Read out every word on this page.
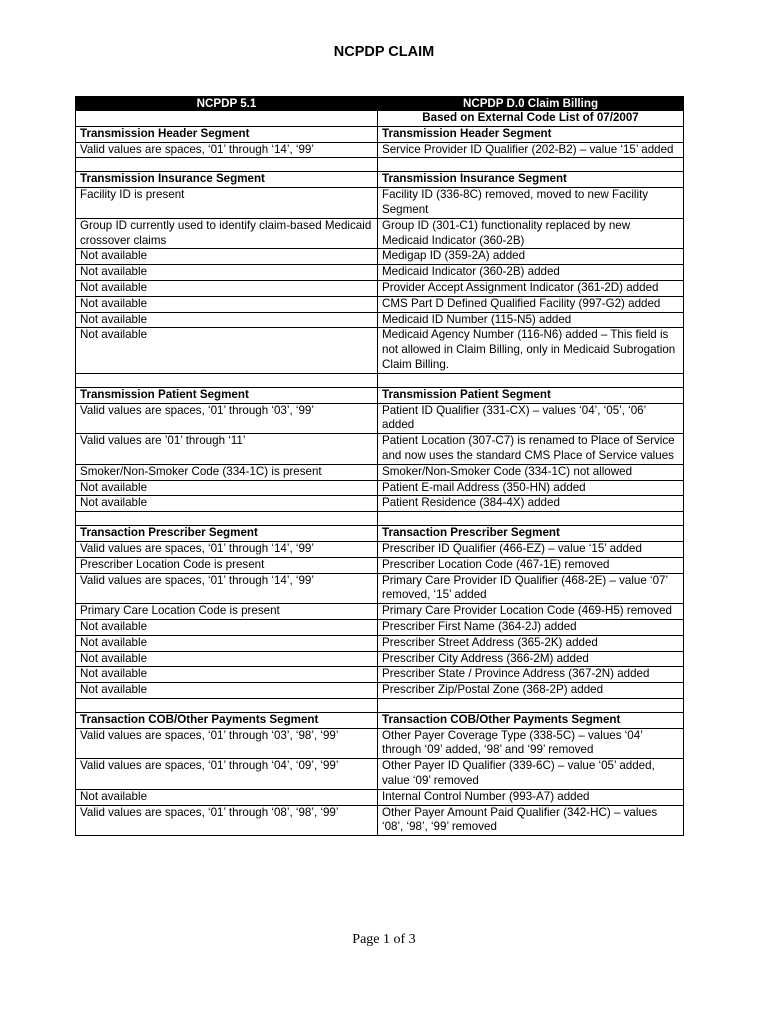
NCPDP CLAIM
NCPDP 5.1	NCPDP D.0 Claim Billing
	Based on External Code List of 07/2007
Transmission Header Segment	Transmission Header Segment
Valid values are spaces, ‘01’ through ‘14’, ‘99’	Service Provider ID Qualifier (202-B2) – value ‘15’ added

Transmission Insurance Segment	Transmission Insurance Segment
Facility ID is present	Facility ID (336-8C) removed, moved to new Facility Segment
Group ID currently used to identify claim-based Medicaid crossover claims	Group ID (301-C1) functionality replaced by new Medicaid Indicator (360-2B)
Not available	Medigap ID (359-2A) added
Not available	Medicaid Indicator (360-2B) added
Not available	Provider Accept Assignment Indicator (361-2D) added
Not available	CMS Part D Defined Qualified Facility (997-G2) added
Not available	Medicaid ID Number (115-N5) added
Not available	Medicaid Agency Number (116-N6) added – This field is not allowed in Claim Billing, only in Medicaid Subrogation Claim Billing.

Transmission Patient Segment	Transmission Patient Segment
Valid values are spaces, ‘01’ through ‘03’, ‘99’	Patient ID Qualifier (331-CX) – values ‘04’, ‘05’, ‘06’ added
Valid values are ’01’ through ‘11’	Patient Location (307-C7) is renamed to Place of Service and now uses the standard CMS Place of Service values
Smoker/Non-Smoker Code (334-1C) is present	Smoker/Non-Smoker Code (334-1C) not allowed
Not available	Patient E-mail Address (350-HN) added
Not available	Patient Residence (384-4X) added

Transaction Prescriber Segment	Transaction Prescriber Segment
Valid values are spaces, ‘01’ through ‘14’, ‘99’	Prescriber ID Qualifier (466-EZ) – value ‘15’ added
Prescriber Location Code is present	Prescriber Location Code (467-1E) removed
Valid values are spaces, ‘01’ through ‘14’, ‘99’	Primary Care Provider ID Qualifier (468-2E) – value ‘07’ removed, ‘15’ added
Primary Care Location Code is present	Primary Care Provider Location Code (469-H5) removed
Not available	Prescriber First Name (364-2J) added
Not available	Prescriber Street Address (365-2K) added
Not available	Prescriber City Address (366-2M) added
Not available	Prescriber State / Province Address (367-2N) added
Not available	Prescriber Zip/Postal Zone (368-2P) added

Transaction COB/Other Payments Segment	Transaction COB/Other Payments Segment
Valid values are spaces, ‘01’ through ‘03’, ‘98’, ‘99’	Other Payer Coverage Type (338-5C) – values ‘04’ through ‘09’ added, ‘98’ and ‘99’ removed
Valid values are spaces, ‘01’ through ‘04’, ‘09’, ‘99’	Other Payer ID Qualifier (339-6C) – value ‘05’ added, value ‘09’ removed
Not available	Internal Control Number (993-A7) added
Valid values are spaces, ‘01’ through ‘08’, ‘98’, ‘99’	Other Payer Amount Paid Qualifier (342-HC) – values ‘08’, ‘98’, ‘99’ removed
Page 1 of 3
